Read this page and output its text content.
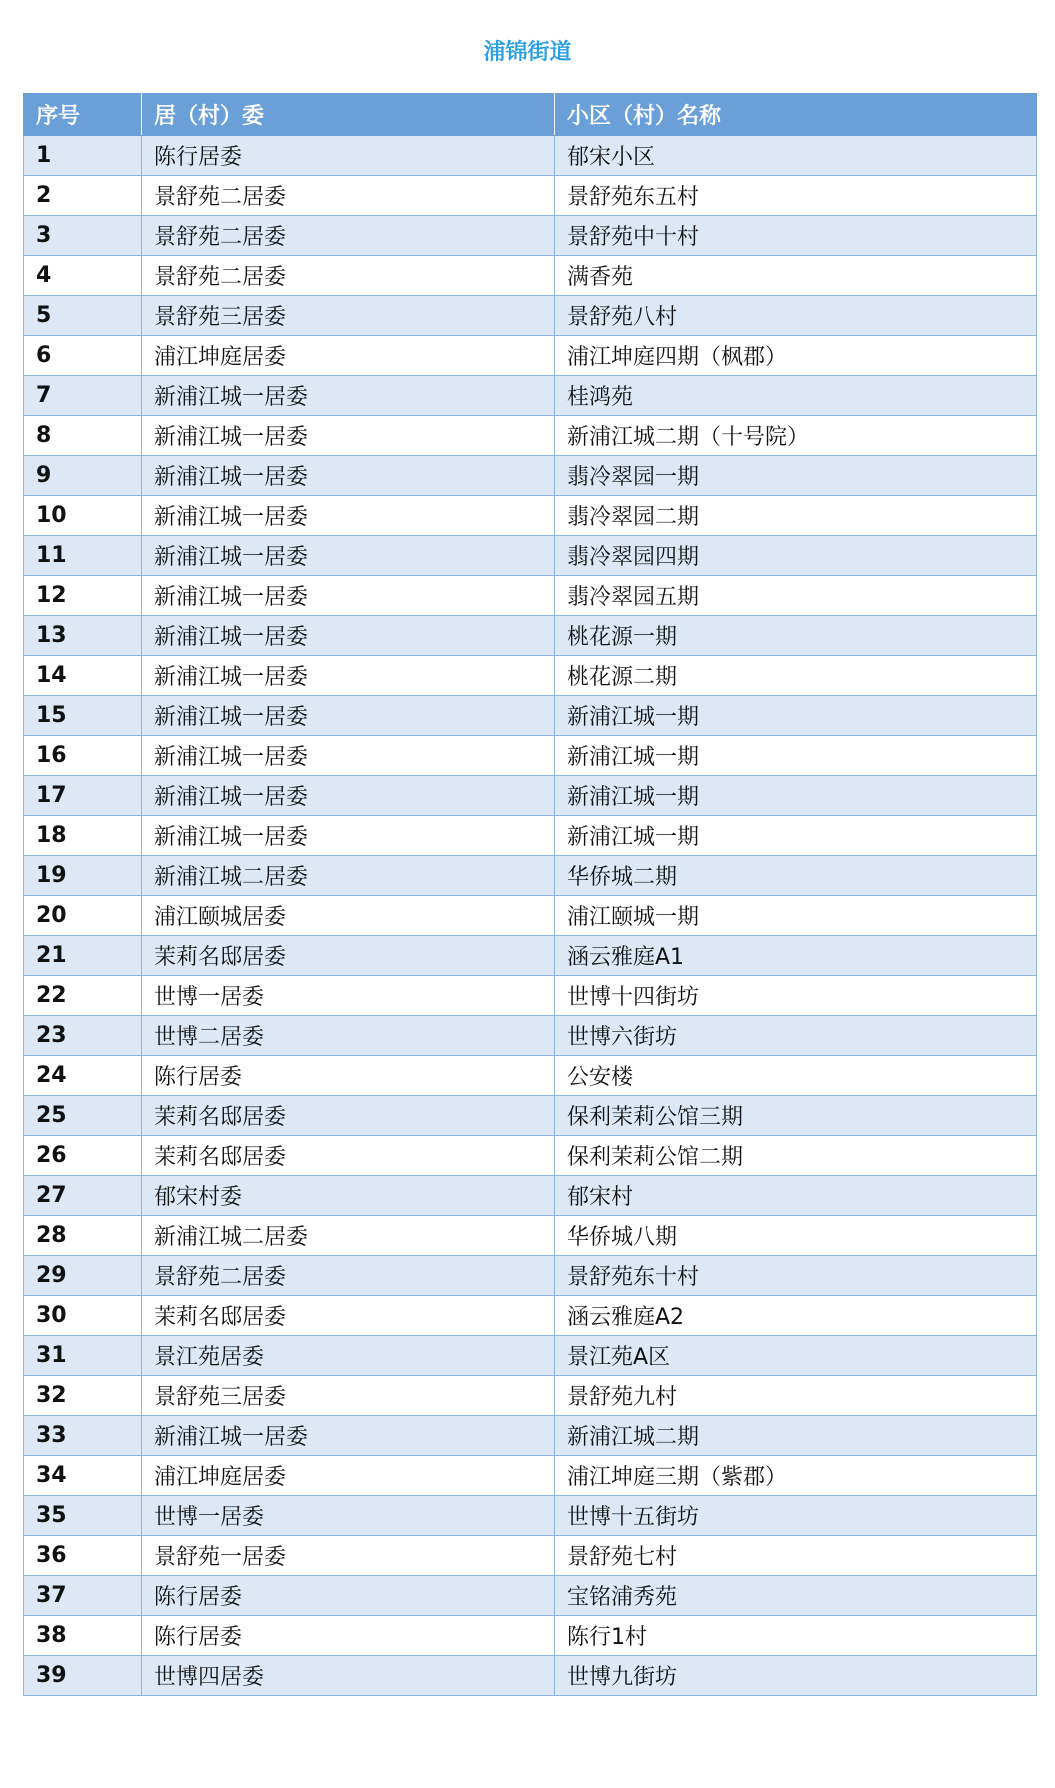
浦锦街道
序号	居（村）委	小区（村）名称
1	陈行居委	郁宋小区
2	景舒苑二居委	景舒苑东五村
3	景舒苑二居委	景舒苑中十村
4	景舒苑二居委	满香苑
5	景舒苑三居委	景舒苑八村
6	浦江坤庭居委	浦江坤庭四期（枫郡）
7	新浦江城一居委	桂鸿苑
8	新浦江城一居委	新浦江城二期（十号院）
9	新浦江城一居委	翡冷翠园一期
10	新浦江城一居委	翡冷翠园二期
11	新浦江城一居委	翡冷翠园四期
12	新浦江城一居委	翡冷翠园五期
13	新浦江城一居委	桃花源一期
14	新浦江城一居委	桃花源二期
15	新浦江城一居委	新浦江城一期
16	新浦江城一居委	新浦江城一期
17	新浦江城一居委	新浦江城一期
18	新浦江城一居委	新浦江城一期
19	新浦江城二居委	华侨城二期
20	浦江颐城居委	浦江颐城一期
21	茉莉名邸居委	涵云雅庭A1
22	世博一居委	世博十四街坊
23	世博二居委	世博六街坊
24	陈行居委	公安楼
25	茉莉名邸居委	保利茉莉公馆三期
26	茉莉名邸居委	保利茉莉公馆二期
27	郁宋村委	郁宋村
28	新浦江城二居委	华侨城八期
29	景舒苑二居委	景舒苑东十村
30	茉莉名邸居委	涵云雅庭A2
31	景江苑居委	景江苑A区
32	景舒苑三居委	景舒苑九村
33	新浦江城一居委	新浦江城二期
34	浦江坤庭居委	浦江坤庭三期（紫郡）
35	世博一居委	世博十五街坊
36	景舒苑一居委	景舒苑七村
37	陈行居委	宝铭浦秀苑
38	陈行居委	陈行1村
39	世博四居委	世博九街坊
